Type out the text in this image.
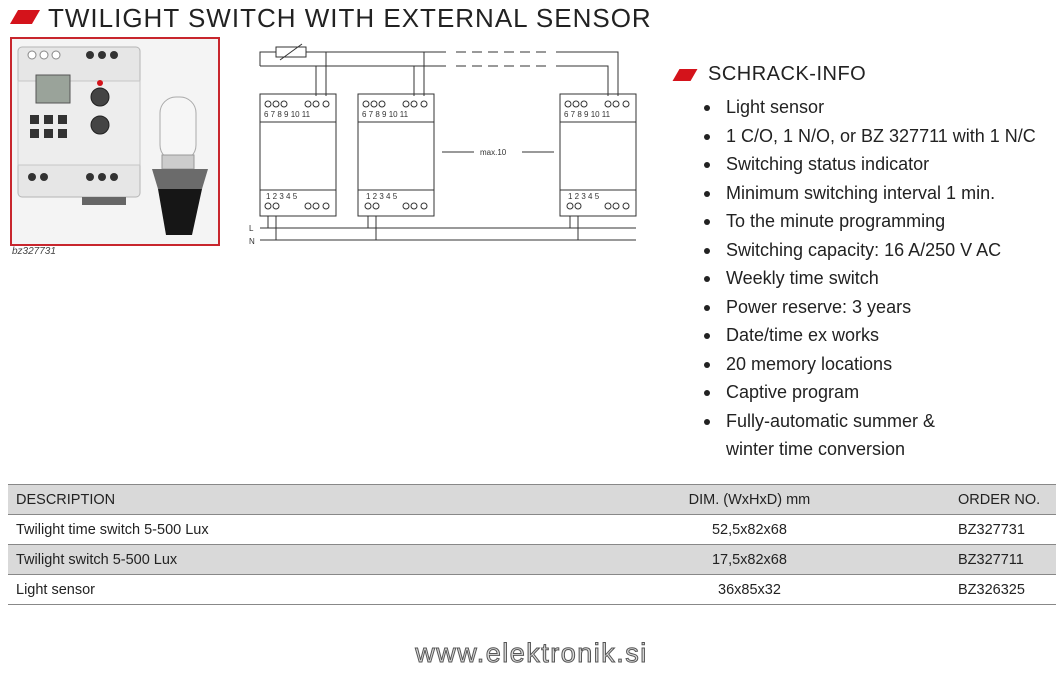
TWILIGHT SWITCH WITH EXTERNAL SENSOR
bz327731
6 7 8 9 10 11	6 7 8 9 10 11	6 7 8 9 10 11
1 2 3 4 5	1 2 3 4 5	1 2 3 4 5
max.10
L
N
SCHRACK-INFO
Light sensor
1 C/O, 1 N/O, or BZ 327711 with 1 N/C
Switching status indicator
Minimum switching interval 1 min.
To the minute programming
Switching capacity: 16 A/250 V AC
Weekly time switch
Power reserve: 3 years
Date/time ex works
20 memory locations
Captive program
Fully-automatic summer &
winter time conversion
DESCRIPTION	DIM. (WxHxD) mm	ORDER NO.
Twilight time switch 5-500 Lux	52,5x82x68	BZ327731
Twilight switch 5-500 Lux	17,5x82x68	BZ327711
Light sensor	36x85x32	BZ326325
www.elektronik.si
